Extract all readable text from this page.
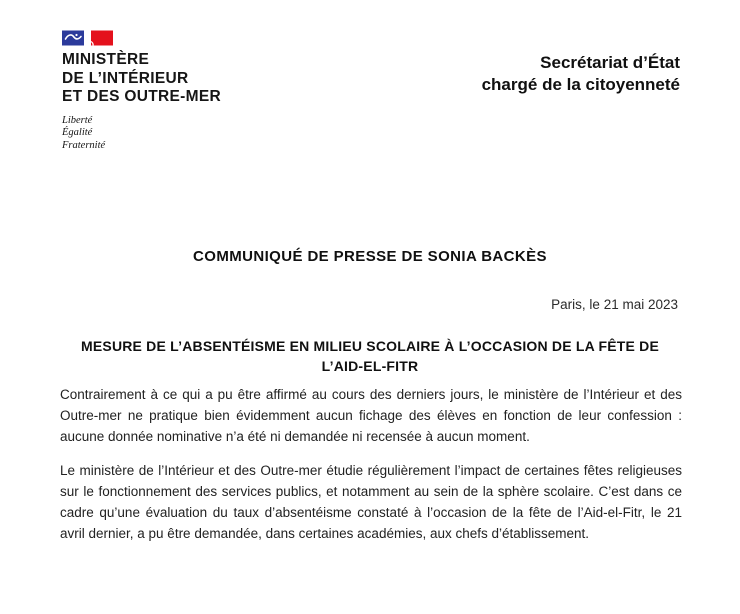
MINISTÈRE
DE L’INTÉRIEUR
ET DES OUTRE-MER
Liberté
Égalité
Fraternité
Secrétariat d’État
chargé de la citoyenneté
COMMUNIQUÉ DE PRESSE DE SONIA BACKÈS
Paris, le 21 mai 2023
MESURE DE L’ABSENTÉISME EN MILIEU SCOLAIRE À L’OCCASION DE LA FÊTE DE
L’AID-EL-FITR

Contrairement à ce qui a pu être affirmé au cours des derniers jours, le ministère de l’Intérieur et des Outre-mer ne pratique bien évidemment aucun fichage des élèves en fonction de leur confession : aucune donnée nominative n’a été ni demandée ni recensée à aucun moment.

Le ministère de l’Intérieur et des Outre-mer étudie régulièrement l’impact de certaines fêtes religieuses sur le fonctionnement des services publics, et notamment au sein de la sphère scolaire. C’est dans ce cadre qu’une évaluation du taux d’absentéisme constaté à l’occasion de la fête de l’Aid-el-Fitr, le 21 avril dernier, a pu être demandée, dans certaines académies, aux chefs d’établissement.
